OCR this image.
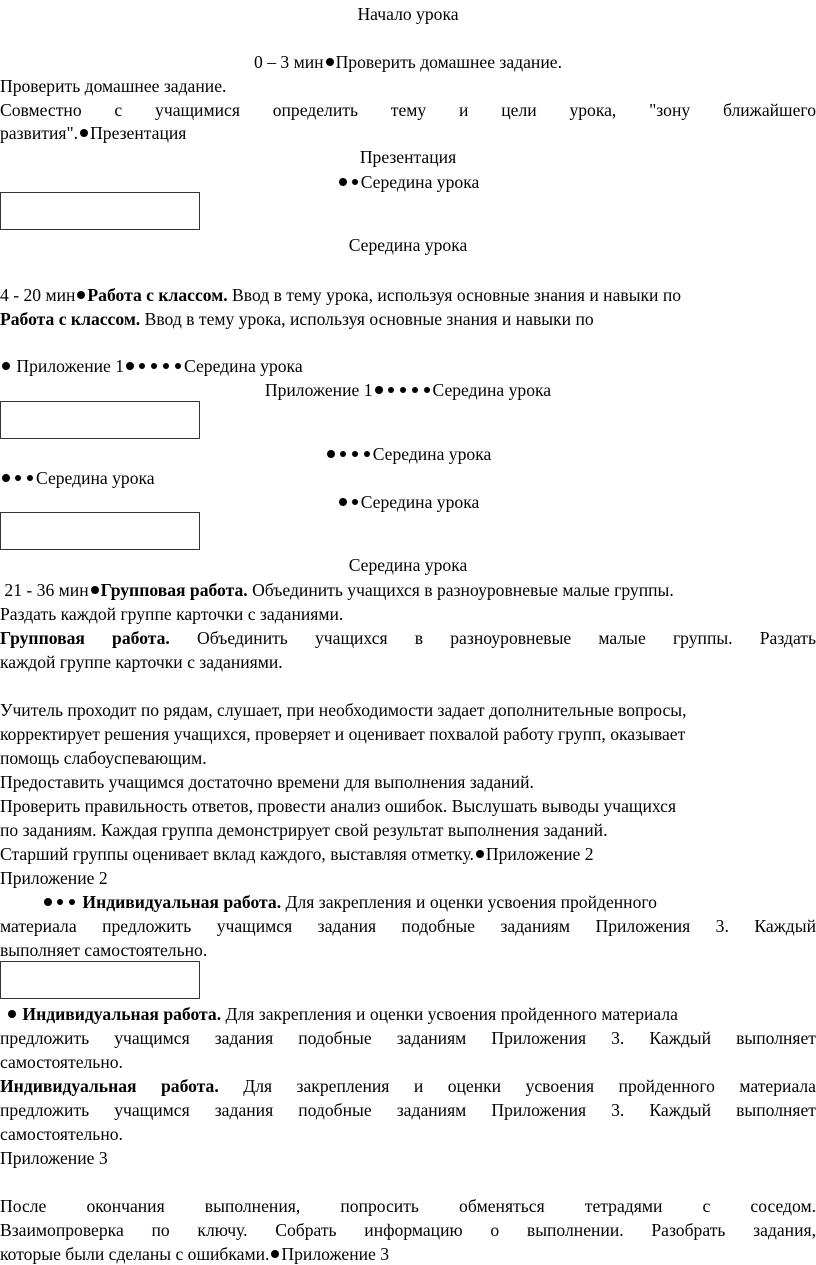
Начало урока
0 – 3 мин Проверить домашнее задание.
Проверить домашнее задание.
Совместно с учащимися определить тему и цели урока, "зону ближайшего
развития". Презентация
Презентация
Середина урока
Середина урока
4 - 20 мин Работа с классом. Ввод в тему урока, используя основные знания и навыки по
Работа с классом. Ввод в тему урока, используя основные знания и навыки по
Приложение 1	Середина урока
Приложение 1	Середина урока
Середина урока
Середина урока
Середина урока
Середина урока
21 - 36 мин Групповая работа. Объединить учащихся в разноуровневые малые группы.
Раздать каждой группе карточки с заданиями.
Групповая работа. Объединить учащихся в разноуровневые малые группы. Раздать
каждой группе карточки с заданиями.
Учитель проходит по рядам, слушает, при необходимости задает дополнительные вопросы,
корректирует решения учащихся, проверяет и оценивает похвалой работу групп, оказывает
помощь слабоуспевающим.
Предоставить учащимся достаточно времени для выполнения заданий.
Проверить правильность ответов, провести анализ ошибок. Выслушать выводы учащихся
по заданиям. Каждая группа демонстрирует свой результат выполнения заданий.
Старший группы оценивает вклад каждого, выставляя отметку. Приложение 2
Приложение 2
Индивидуальная работа. Для закрепления и оценки усвоения пройденного
материала предложить учащимся задания подобные заданиям Приложения 3. Каждый
выполняет самостоятельно.
Индивидуальная работа. Для закрепления и оценки усвоения пройденного материала
предложить учащимся задания подобные заданиям Приложения 3. Каждый выполняет
самостоятельно.
Индивидуальная работа. Для закрепления и оценки усвоения пройденного материала
предложить учащимся задания подобные заданиям Приложения 3. Каждый выполняет
самостоятельно.
Приложение 3
После окончания выполнения, попросить обменяться тетрадями с соседом.
Взаимопроверка по ключу. Собрать информацию о выполнении. Разобрать задания,
которые были сделаны с ошибками. Приложение 3
